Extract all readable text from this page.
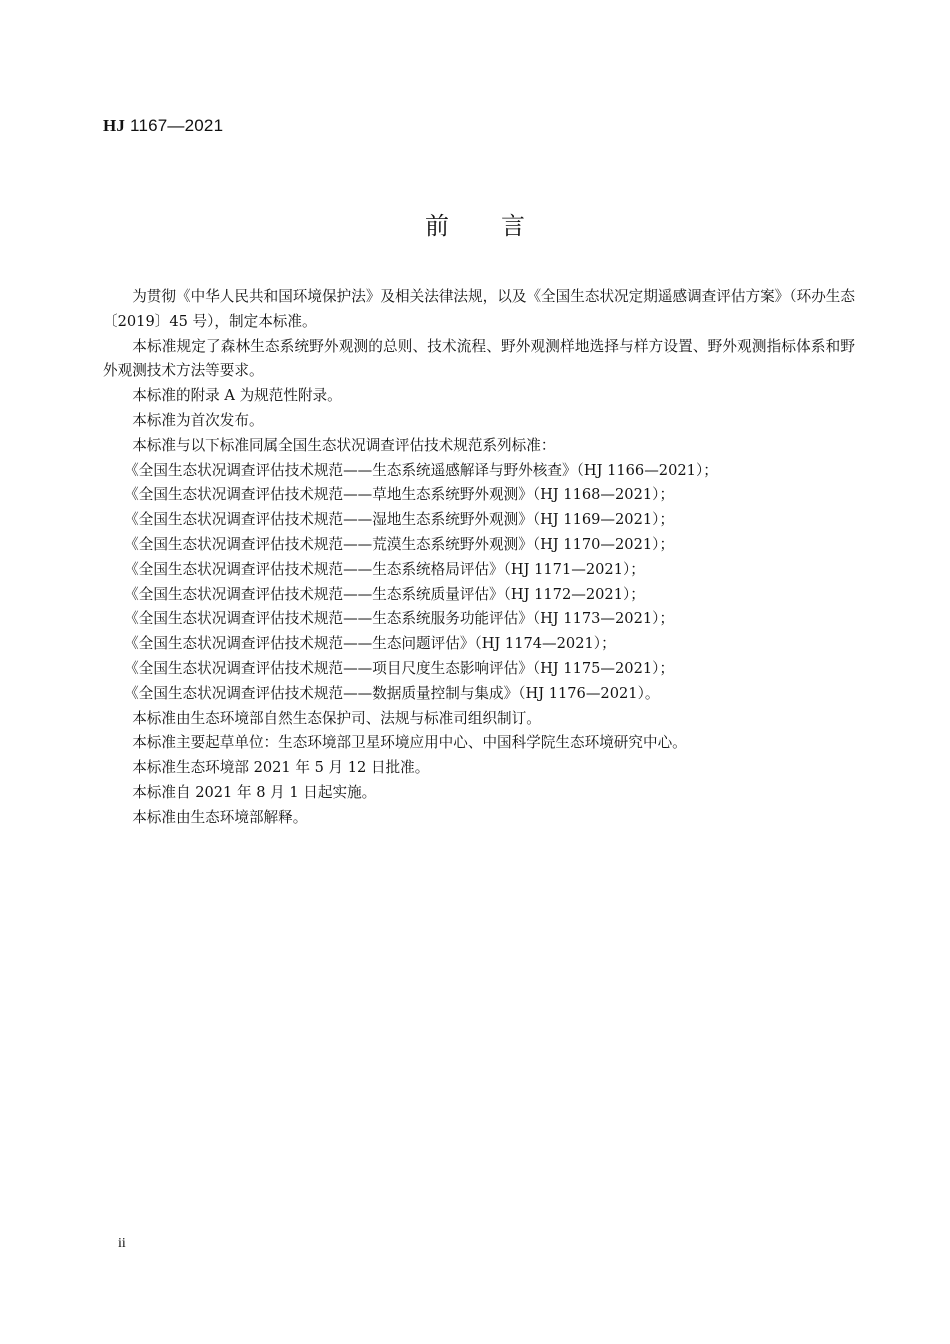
HJ 1167—2021
前 言

为贯彻《中华人民共和国环境保护法》及相关法律法规，以及《全国生态状况定期遥感调查评估方案》（环办生态〔2019〕45 号），制定本标准。

本标准规定了森林生态系统野外观测的总则、技术流程、野外观测样地选择与样方设置、野外观测指标体系和野外观测技术方法等要求。

本标准的附录 A 为规范性附录。

本标准为首次发布。

本标准与以下标准同属全国生态状况调查评估技术规范系列标准：

《全国生态状况调查评估技术规范——生态系统遥感解译与野外核查》（HJ 1166—2021）；

《全国生态状况调查评估技术规范——草地生态系统野外观测》（HJ 1168—2021）；

《全国生态状况调查评估技术规范——湿地生态系统野外观测》（HJ 1169—2021）；

《全国生态状况调查评估技术规范——荒漠生态系统野外观测》（HJ 1170—2021）；

《全国生态状况调查评估技术规范——生态系统格局评估》（HJ 1171—2021）；

《全国生态状况调查评估技术规范——生态系统质量评估》（HJ 1172—2021）；

《全国生态状况调查评估技术规范——生态系统服务功能评估》（HJ 1173—2021）；

《全国生态状况调查评估技术规范——生态问题评估》（HJ 1174—2021）；

《全国生态状况调查评估技术规范——项目尺度生态影响评估》（HJ 1175—2021）；

《全国生态状况调查评估技术规范——数据质量控制与集成》（HJ 1176—2021）。

本标准由生态环境部自然生态保护司、法规与标准司组织制订。

本标准主要起草单位：生态环境部卫星环境应用中心、中国科学院生态环境研究中心。

本标准生态环境部 2021 年 5 月 12 日批准。

本标准自 2021 年 8 月 1 日起实施。

本标准由生态环境部解释。

ii
